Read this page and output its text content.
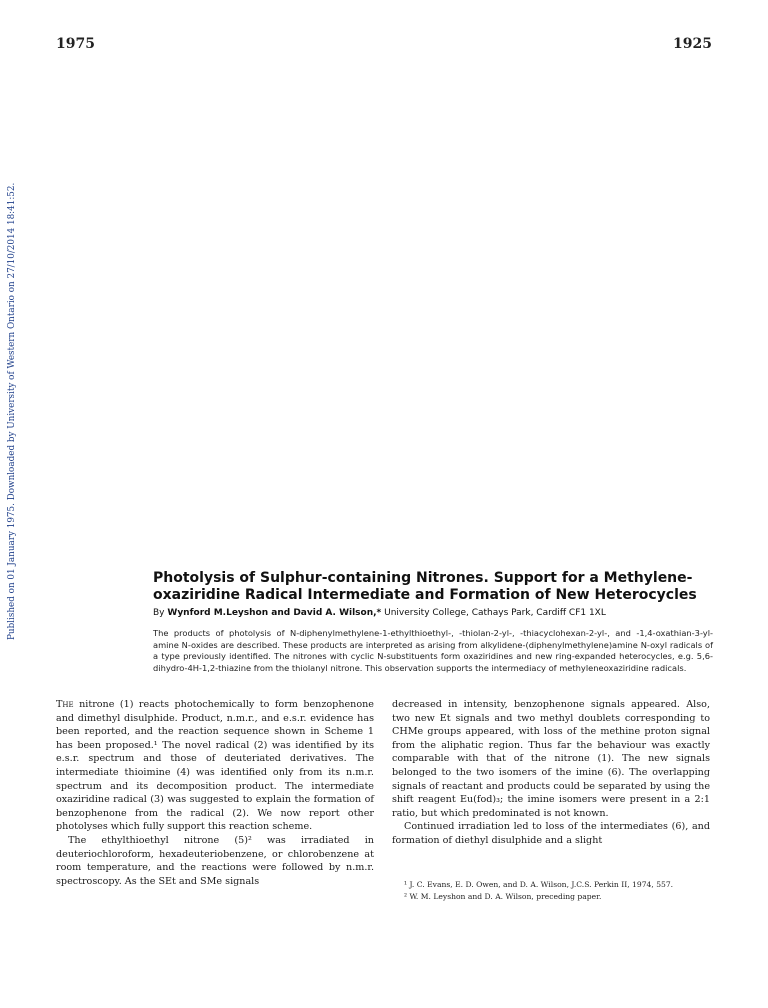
1975	1925
Published on 01 January 1975. Downloaded by University of Western Ontario on 27/10/2014 18:41:52.	Photolysis of Sulphur-containing Nitrones. Support for a Methylene-oxaziridine Radical Intermediate and Formation of New Heterocycles
By Wynford M.Leyshon and David A. Wilson,* University College, Cathays Park, Cardiff CF1 1XL
The products of photolysis of N-diphenylmethylene-1-ethylthioethyl-, -thiolan-2-yl-, -thiacyclohexan-2-yl-, and -1,4-oxathian-3-yl-amine N-oxides are described. These products are interpreted as arising from alkylidene-(diphenylmethylene)amine N-oxyl radicals of a type previously identified. The nitrones with cyclic N-substituents form oxaziridines and new ring-expanded heterocycles, e.g. 5,6-dihydro-4H-1,2-thiazine from the thiolanyl nitrone. This observation supports the intermediacy of methyleneoxaziridine radicals.

The nitrone (1) reacts photochemically to form benzophenone and dimethyl disulphide. Product, n.m.r., and e.s.r. evidence has been reported, and the reaction sequence shown in Scheme 1 has been proposed.¹ The novel radical (2) was identified by its e.s.r. spectrum and those of deuteriated derivatives. The intermediate thioimine (4) was identified only from its n.m.r. spectrum and its decomposition product. The intermediate oxaziridine radical (3) was suggested to explain the formation of benzophenone from the radical (2). We now report other photolyses which fully support this reaction scheme.

The ethylthioethyl nitrone (5)² was irradiated in deuteriochloroform, hexadeuteriobenzene, or chlorobenzene at room temperature, and the reactions were followed by n.m.r. spectroscopy. As the SEt and SMe signals

decreased in intensity, benzophenone signals appeared. Also, two new Et signals and two methyl doublets corresponding to CHMe groups appeared, with loss of the methine proton signal from the aliphatic region. Thus far the behaviour was exactly comparable with that of the nitrone (1). The new signals belonged to the two isomers of the imine (6). The overlapping signals of reactant and products could be separated by using the shift reagent Eu(fod)₃; the imine isomers were present in a 2:1 ratio, but which predominated is not known.

Continued irradiation led to loss of the intermediates (6), and formation of diethyl disulphide and a slight

¹ J. C. Evans, E. D. Owen, and D. A. Wilson, J.C.S. Perkin II, 1974, 557.

² W. M. Leyshon and D. A. Wilson, preceding paper.
